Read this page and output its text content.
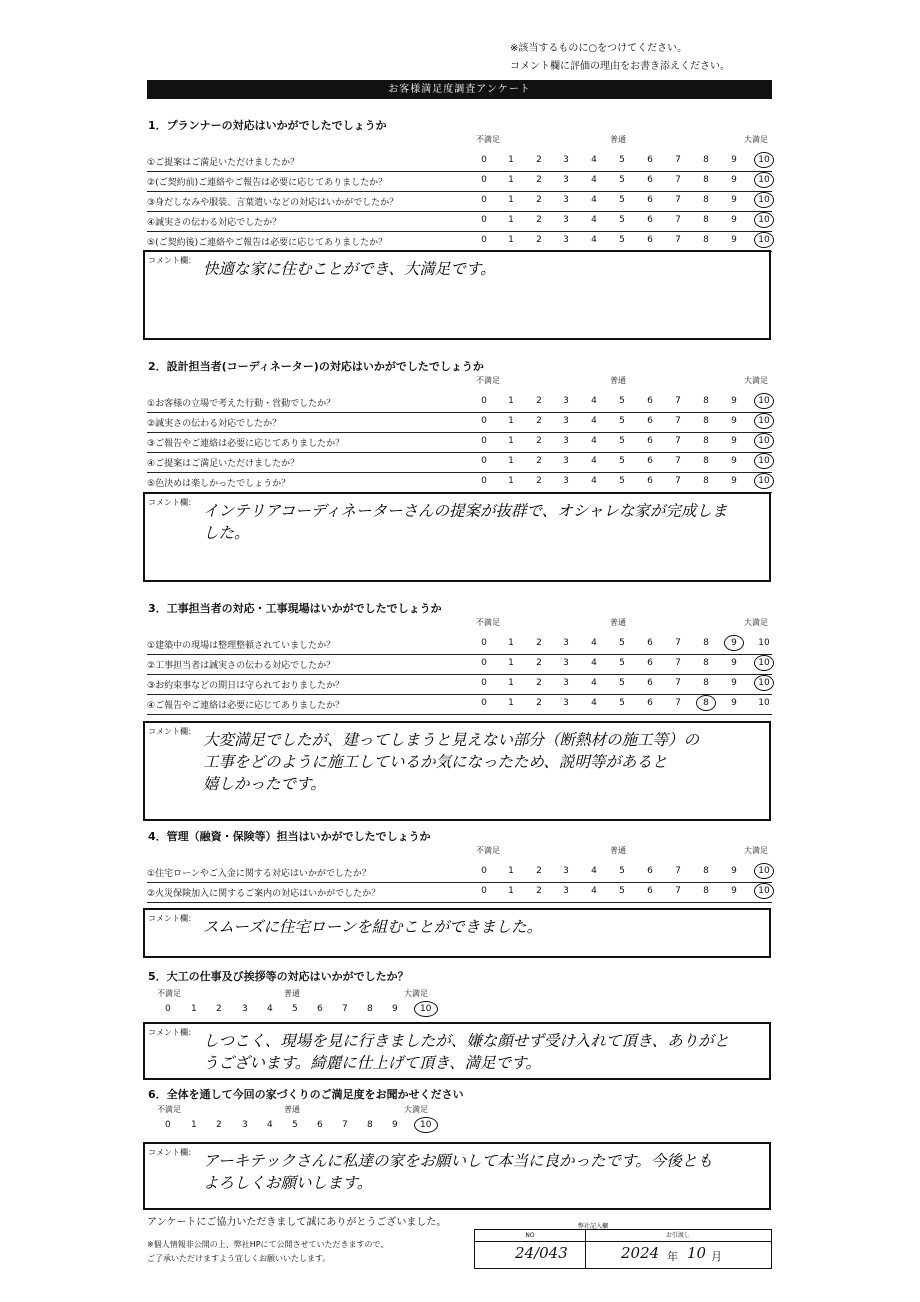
※該当するものに○をつけてください。
コメント欄に評価の理由をお書き添えください。
お客様満足度調査アンケート
1．プランナーの対応はいかがでしたでしょうか
不満足	普通	大満足
①ご提案はご満足いただけましたか？	0	1	2	3	4	5	6	7	8	9	10
②(ご契約前)ご連絡やご報告は必要に応じてありましたか？	0	1	2	3	4	5	6	7	8	9	10
③身だしなみや服装、言葉遣いなどの対応はいかがでしたか？	0	1	2	3	4	5	6	7	8	9	10
④誠実さの伝わる対応でしたか？	0	1	2	3	4	5	6	7	8	9	10
⑤(ご契約後)ご連絡やご報告は必要に応じてありましたか？	0	1	2	3	4	5	6	7	8	9	10
コメント欄： 快適な家に住むことができ、大満足です。
2．設計担当者(コーディネーター)の対応はいかがでしたでしょうか
不満足	普通	大満足
①お客様の立場で考えた行動・営動でしたか？	0	1	2	3	4	5	6	7	8	9	10
②誠実さの伝わる対応でしたか？	0	1	2	3	4	5	6	7	8	9	10
③ご報告やご連絡は必要に応じてありましたか？	0	1	2	3	4	5	6	7	8	9	10
④ご提案はご満足いただけましたか？	0	1	2	3	4	5	6	7	8	9	10
⑤色決めは楽しかったでしょうか？	0	1	2	3	4	5	6	7	8	9	10
コメント欄： インテリアコーディネーターさんの提案が抜群で、オシャレな家が完成しま
した。
3．工事担当者の対応・工事現場はいかがでしたでしょうか
不満足	普通	大満足
①建築中の現場は整理整頓されていましたか？	0	1	2	3	4	5	6	7	8	9	10
②工事担当者は誠実さの伝わる対応でしたか？	0	1	2	3	4	5	6	7	8	9	10
③お約束事などの期日は守られておりましたか？	0	1	2	3	4	5	6	7	8	9	10
④ご報告やご連絡は必要に応じてありましたか？	0	1	2	3	4	5	6	7	8	9	10
コメント欄： 大変満足でしたが、建ってしまうと見えない部分（断熱材の施工等）の
工事をどのように施工しているか気になったため、説明等があると
嬉しかったです。
4．管理（融資・保険等）担当はいかがでしたでしょうか
不満足	普通	大満足
①住宅ローンやご入金に関する対応はいかがでしたか？	0	1	2	3	4	5	6	7	8	9	10
②火災保険加入に関するご案内の対応はいかがでしたか？	0	1	2	3	4	5	6	7	8	9	10
コメント欄： スムーズに住宅ローンを組むことができました。
5．大工の仕事及び挨拶等の対応はいかがでしたか？
不満足	普通	大満足
0 1 2 3 4 5 6 7 8 9 10
コメント欄： しつこく、現場を見に行きましたが、嫌な顔せず受け入れて頂き、ありがと
うございます。綺麗に仕上げて頂き、満足です。
6．全体を通して今回の家づくりのご満足度をお聞かせください
不満足	普通	大満足
0 1 2 3 4 5 6 7 8 9 10
コメント欄： アーキテックさんに私達の家をお願いして本当に良かったです。今後とも
よろしくお願いします。
アンケートにご協力いただきまして誠にありがとうございました。
※個人情報非公開の上、弊社HPにて公開させていただきますので、
ご了承いただけますよう宜しくお願いいたします。
弊社記入欄
NO	お引渡し
24/043	2024 年 10 月
